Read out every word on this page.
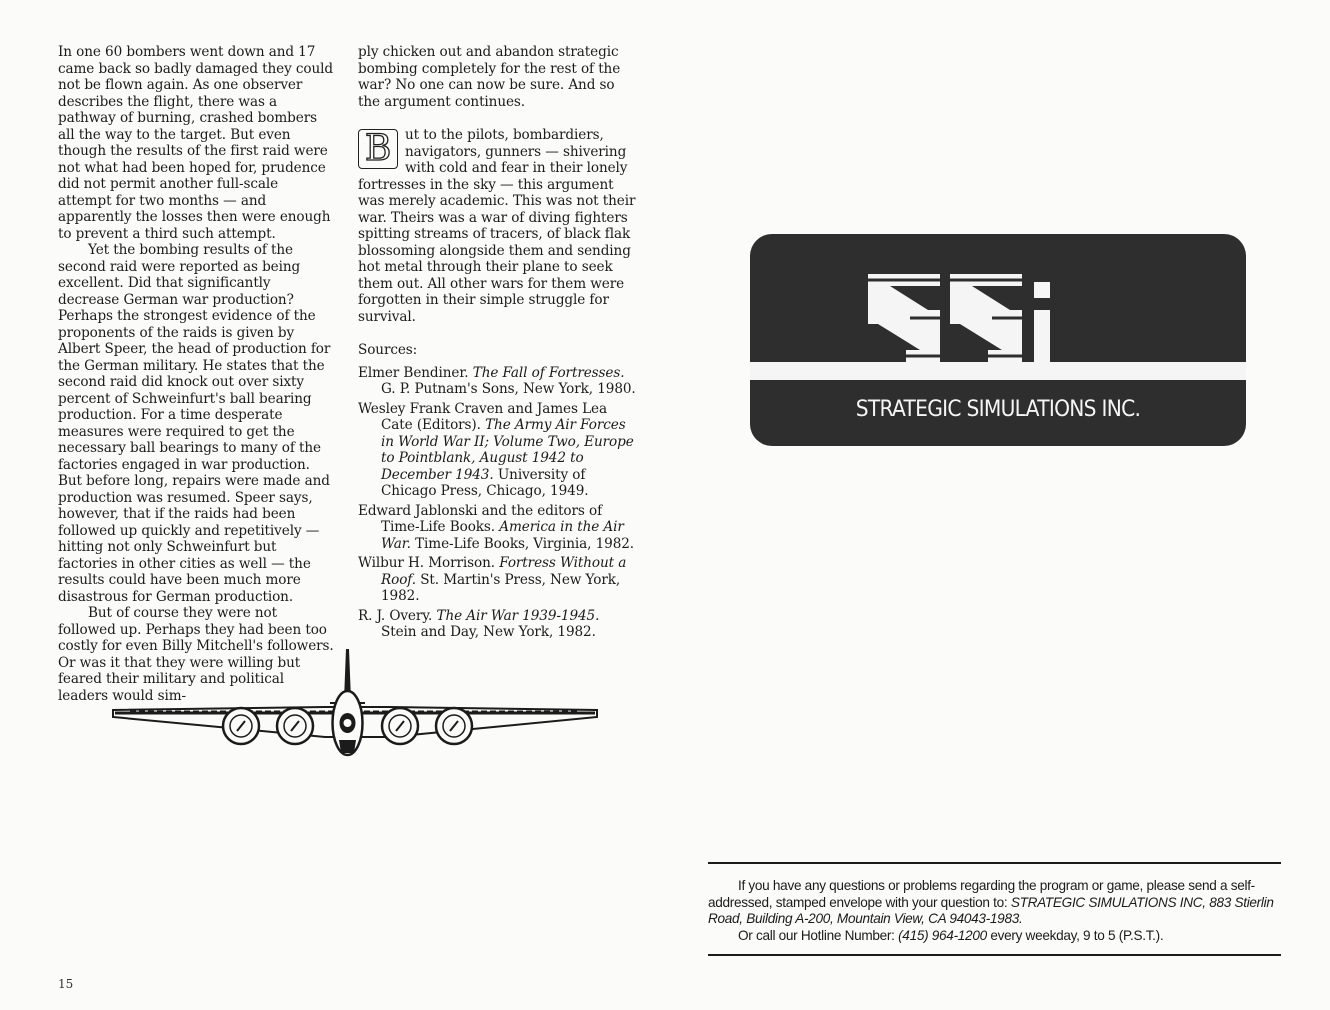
In one 60 bombers went down and 17 came back so badly damaged they could not be flown again. As one observer describes the flight, there was a pathway of burning, crashed bombers all the way to the target. But even though the results of the first raid were not what had been hoped for, prudence did not permit another full-scale attempt for two months — and apparently the losses then were enough to prevent a third such attempt.

Yet the bombing results of the second raid were reported as being excellent. Did that significantly decrease German war production? Perhaps the strongest evidence of the proponents of the raids is given by Albert Speer, the head of production for the German military. He states that the second raid did knock out over sixty percent of Schweinfurt's ball bearing production. For a time desperate measures were required to get the necessary ball bearings to many of the factories engaged in war production. But before long, repairs were made and production was resumed. Speer says, however, that if the raids had been followed up quickly and repetitively — hitting not only Schweinfurt but factories in other cities as well — the results could have been much more disastrous for German production.

But of course they were not followed up. Perhaps they had been too costly for even Billy Mitchell's followers. Or was it that they were willing but feared their military and political leaders would sim-

ply chicken out and abandon strategic bombing completely for the rest of the war? No one can now be sure. And so the argument continues.

B	ut to the pilots, bombardiers, navigators, gunners — shivering with cold and fear in their lonely fortresses in the sky — this argument was merely academic. This was not their war. Theirs was a war of diving fighters spitting streams of tracers, of black flak blossoming alongside them and sending hot metal through their plane to seek them out. All other wars for them were forgotten in their simple struggle for survival.

Sources:

Elmer Bendiner. The Fall of Fortresses. G. P. Putnam's Sons, New York, 1980.

Wesley Frank Craven and James Lea Cate (Editors). The Army Air Forces in World War II; Volume Two, Europe to Pointblank, August 1942 to December 1943. University of Chicago Press, Chicago, 1949.

Edward Jablonski and the editors of Time-Life Books. America in the Air War. Time-Life Books, Virginia, 1982.

Wilbur H. Morrison. Fortress Without a Roof. St. Martin's Press, New York, 1982.

R. J. Overy. The Air War 1939-1945. Stein and Day, New York, 1982.

15
STRATEGIC SIMULATIONS INC.

If you have any questions or problems regarding the program or game, please send a self-addressed, stamped envelope with your question to: STRATEGIC SIMULATIONS INC, 883 Stierlin Road, Building A-200, Mountain View, CA 94043-1983.

Or call our Hotline Number: (415) 964-1200 every weekday, 9 to 5 (P.S.T.).
